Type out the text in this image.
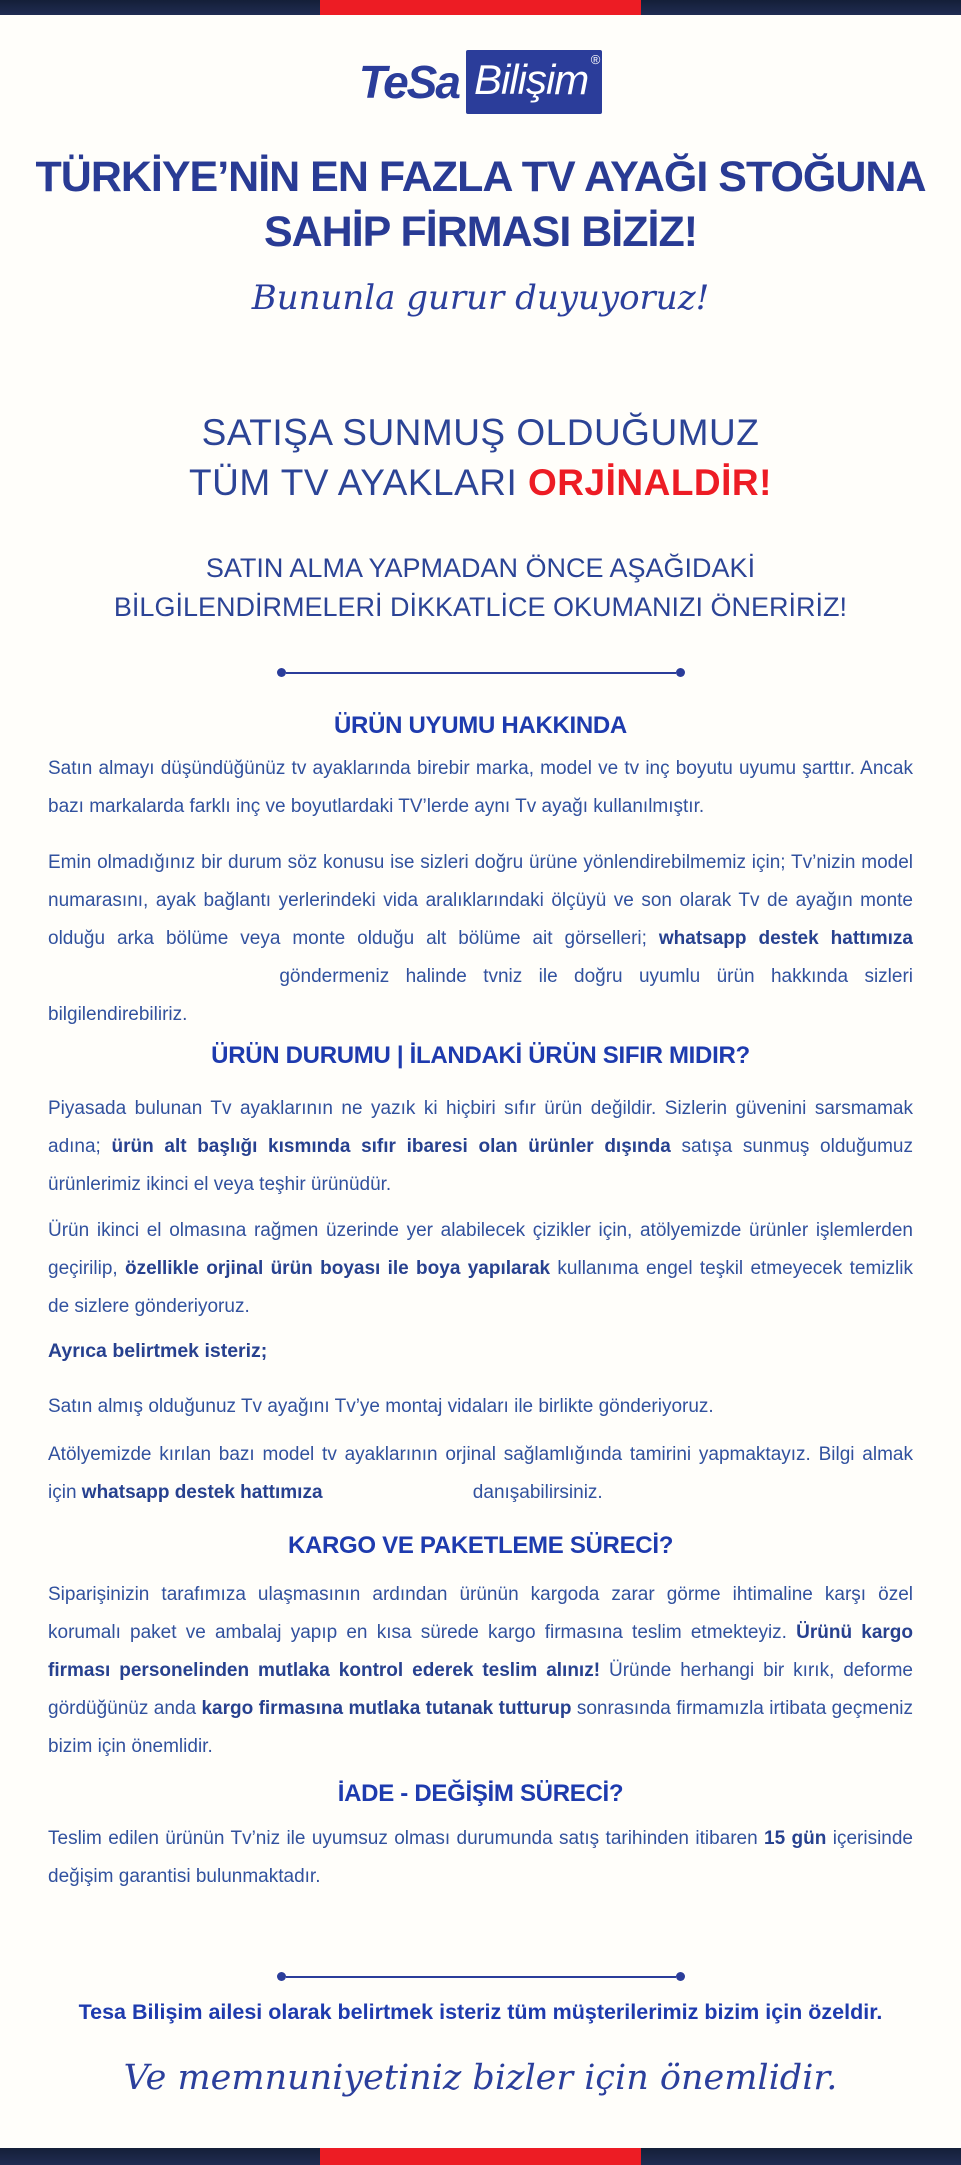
TeSa Bilişim ®
TÜRKİYE’NİN EN FAZLA TV AYAĞI STOĞUNA
SAHİP FİRMASI BİZİZ!
Bununla gurur duyuyoruz!
SATIŞA SUNMUŞ OLDUĞUMUZ
TÜM TV AYAKLARI ORJİNALDİR!
SATIN ALMA YAPMADAN ÖNCE AŞAĞIDAKİ
BİLGİLENDİRMELERİ DİKKATLİCE OKUMANIZI ÖNERİRİZ!
ÜRÜN UYUMU HAKKINDA
Satın almayı düşündüğünüz tv ayaklarında birebir marka, model ve tv inç boyutu uyumu şarttır. Ancak bazı markalarda farklı inç ve boyutlardaki TV’lerde aynı Tv ayağı kullanılmıştır.
Emin olmadığınız bir durum söz konusu ise sizleri doğru ürüne yönlendirebilmemiz için; Tv’nizin model numarasını, ayak bağlantı yerlerindeki vida aralıklarındaki ölçüyü ve son olarak Tv de ayağın monte olduğu arka bölüme veya monte olduğu alt bölüme ait görselleri; whatsapp destek hattımıza göndermeniz halinde tvniz ile doğru uyumlu ürün hakkında sizleri bilgilendirebiliriz.
ÜRÜN DURUMU | İLANDAKİ ÜRÜN SIFIR MIDIR?
Piyasada bulunan Tv ayaklarının ne yazık ki hiçbiri sıfır ürün değildir. Sizlerin güvenini sarsmamak adına; ürün alt başlığı kısmında sıfır ibaresi olan ürünler dışında satışa sunmuş olduğumuz ürünlerimiz ikinci el veya teşhir ürünüdür.
Ürün ikinci el olmasına rağmen üzerinde yer alabilecek çizikler için, atölyemizde ürünler işlemlerden geçirilip, özellikle orjinal ürün boyası ile boya yapılarak kullanıma engel teşkil etmeyecek temizlik de sizlere gönderiyoruz.
Ayrıca belirtmek isteriz;
Satın almış olduğunuz Tv ayağını Tv’ye montaj vidaları ile birlikte gönderiyoruz.
Atölyemizde kırılan bazı model tv ayaklarının orjinal sağlamlığında tamirini yapmaktayız. Bilgi almak için whatsapp destek hattımıza	danışabilirsiniz.
KARGO VE PAKETLEME SÜRECİ?
Siparişinizin tarafımıza ulaşmasının ardından ürünün kargoda zarar görme ihtimaline karşı özel korumalı paket ve ambalaj yapıp en kısa sürede kargo firmasına teslim etmekteyiz. Ürünü kargo firması personelinden mutlaka kontrol ederek teslim alınız! Üründe herhangi bir kırık, deforme gördüğünüz anda kargo firmasına mutlaka tutanak tutturup sonrasında firmamızla irtibata geçmeniz bizim için önemlidir.
İADE - DEĞİŞİM SÜRECİ?
Teslim edilen ürünün Tv’niz ile uyumsuz olması durumunda satış tarihinden itibaren 15 gün içerisinde değişim garantisi bulunmaktadır.
Tesa Bilişim ailesi olarak belirtmek isteriz tüm müşterilerimiz bizim için özeldir.
Ve memnuniyetiniz bizler için önemlidir.
